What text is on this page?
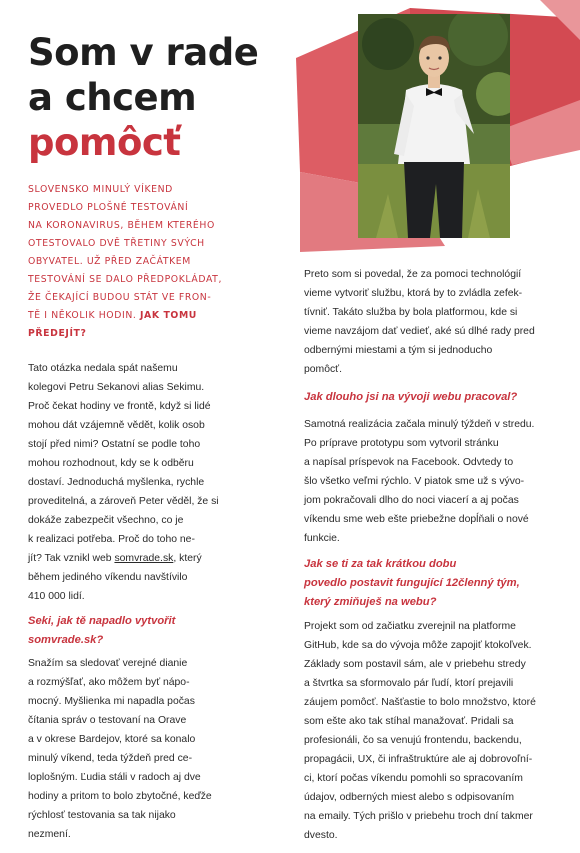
Som v rade
a chcem
pomôcť

SLOVENSKO MINULÝ VÍKEND
PROVEDLO PLOŠNÉ TESTOVÁNÍ
NA KORONAVIRUS, BĚHEM KTERÉHO
OTESTOVALO DVĚ TŘETINY SVÝCH
OBYVATEL. UŽ PŘED ZAČÁTKEM
TESTOVÁNÍ SE DALO PŘEDPOKLÁDAT,
ŽE ČEKAJÍCÍ BUDOU STÁT VE FRON-
TĚ I NĚKOLIK HODIN. JAK TOMU
PŘEDEJÍT?

Tato otázka nedala spát našemu
kolegovi Petru Sekanovi alias Sekimu.
Proč čekat hodiny ve frontě, když si lidé
mohou dát vzájemně vědět, kolik osob
stojí před nimi? Ostatní se podle toho
mohou rozhodnout, kdy se k odběru
dostaví. Jednoduchá myšlenka, rychle
proveditelná, a zároveň Peter věděl, že si
dokáže zabezpečit všechno, co je
k realizaci potřeba. Proč do toho ne-
jít? Tak vznikl web somvrade.sk, který
během jediného víkendu navštívilo
410 000 lidí.

Seki, jak tě napadlo vytvořit
somvrade.sk?

Snažím sa sledovať verejné dianie
a rozmýšľať, ako môžem byť nápo-
mocný. Myšlienka mi napadla počas
čítania správ o testovaní na Orave
a v okrese Bardejov, ktoré sa konalo
minulý víkend, teda týždeň pred ce-
loplošným. Ľudia stáli v radoch aj dve
hodiny a pritom to bolo zbytočné, keďže
rýchlosť testovania sa tak nijako
nezmení.

Preto som si povedal, že za pomoci technológií
vieme vytvoriť službu, ktorá by to zvládla zefek-
tívniť. Takáto služba by bola platformou, kde si
vieme navzájom dať vedieť, aké sú dlhé rady pred
odbernými miestami a tým si jednoducho
pomôcť.

Jak dlouho jsi na vývoji webu pracoval?

Samotná realizácia začala minulý týždeň v stredu.
Po príprave prototypu som vytvoril stránku
a napísal príspevok na Facebook. Odvtedy to
šlo všetko veľmi rýchlo. V piatok sme už s vývo-
jom pokračovali dlho do noci viacerí a aj počas
víkendu sme web ešte priebežne dopĺňali o nové
funkcie.

Jak se ti za tak krátkou dobu
povedlo postavit fungující 12členný tým,
který zmiňuješ na webu?

Projekt som od začiatku zverejnil na platforme
GitHub, kde sa do vývoja môže zapojiť ktokoľvek.
Základy som postavil sám, ale v priebehu stredy
a štvrtka sa sformovalo pár ľudí, ktorí prejavili
záujem pomôcť. Našťastie to bolo množstvo, ktoré
som ešte ako tak stíhal manažovať. Pridali sa
profesionáli, čo sa venujú frontendu, backendu,
propagácii, UX, či infraštruktúre ale aj dobrovoľní-
ci, ktorí počas víkendu pomohli so spracovaním
údajov, odberných miest alebo s odpisovaním
na emaily. Tých prišlo v priebehu troch dní takmer
dvesto.
